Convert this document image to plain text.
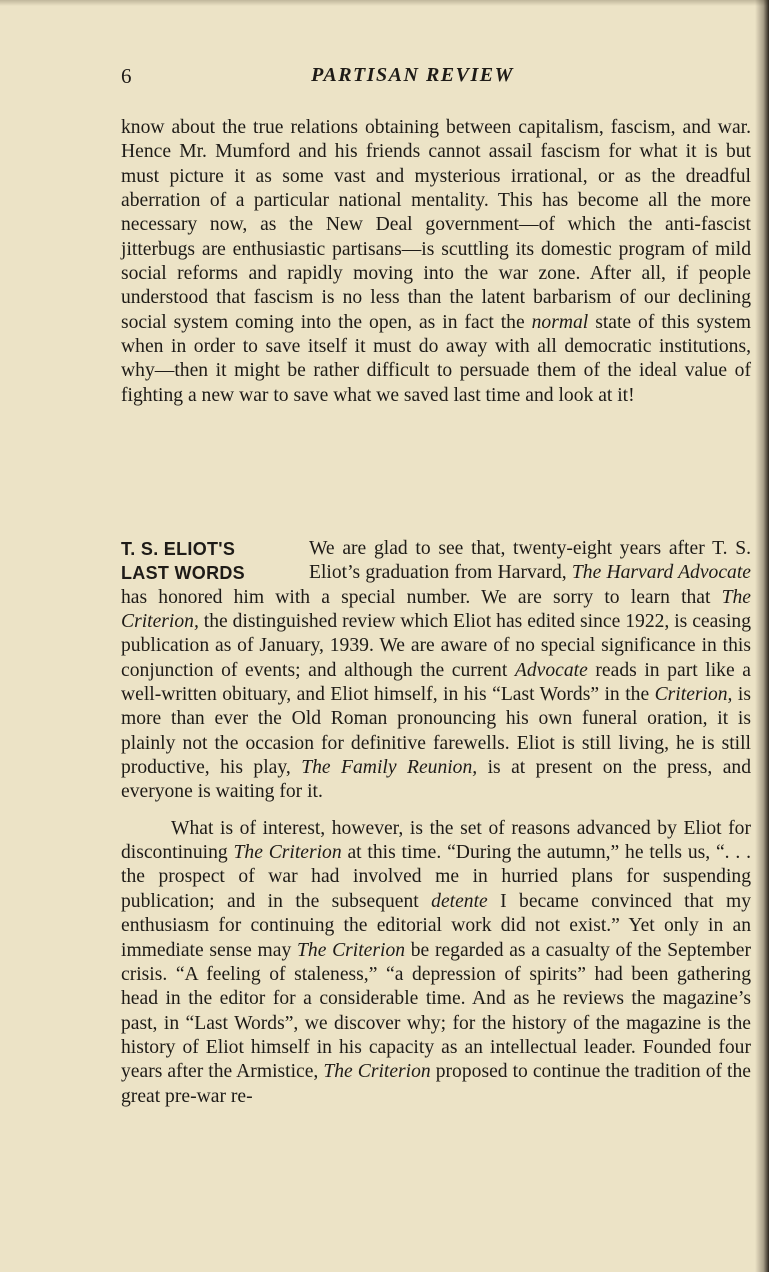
6	PARTISAN REVIEW

know about the true relations obtaining between capitalism, fascism, and war. Hence Mr. Mumford and his friends cannot assail fascism for what it is but must picture it as some vast and mysterious irrational, or as the dreadful aberration of a particular national mentality. This has become all the more necessary now, as the New Deal government—of which the anti-fascist jitterbugs are enthusiastic partisans—is scuttling its domestic program of mild social reforms and rapidly moving into the war zone. After all, if people understood that fascism is no less than the latent barbarism of our declining social system coming into the open, as in fact the normal state of this system when in order to save itself it must do away with all democratic institutions, why—then it might be rather difficult to persuade them of the ideal value of fighting a new war to save what we saved last time and look at it!

T. S. ELIOT'S
LAST WORDS

We are glad to see that, twenty-eight years after T. S. Eliot’s graduation from Harvard, The Harvard Advocate has honored him with a special number. We are sorry to learn that The Criterion, the distinguished review which Eliot has edited since 1922, is ceasing publication as of January, 1939. We are aware of no special significance in this conjunction of events; and although the current Advocate reads in part like a well-written obituary, and Eliot himself, in his “Last Words” in the Criterion, is more than ever the Old Roman pronouncing his own funeral oration, it is plainly not the occasion for definitive farewells. Eliot is still living, he is still productive, his play, The Family Reunion, is at present on the press, and everyone is waiting for it.

What is of interest, however, is the set of reasons advanced by Eliot for discontinuing The Criterion at this time. “During the autumn,” he tells us, “. . . the prospect of war had involved me in hurried plans for suspending publication; and in the subsequent detente I became convinced that my enthusiasm for continuing the editorial work did not exist.” Yet only in an immediate sense may The Criterion be regarded as a casualty of the September crisis. “A feeling of staleness,” “a depression of spirits” had been gathering head in the editor for a considerable time. And as he reviews the magazine’s past, in “Last Words”, we discover why; for the history of the magazine is the history of Eliot himself in his capacity as an intellectual leader. Founded four years after the Armistice, The Criterion proposed to continue the tradition of the great pre-war re-
